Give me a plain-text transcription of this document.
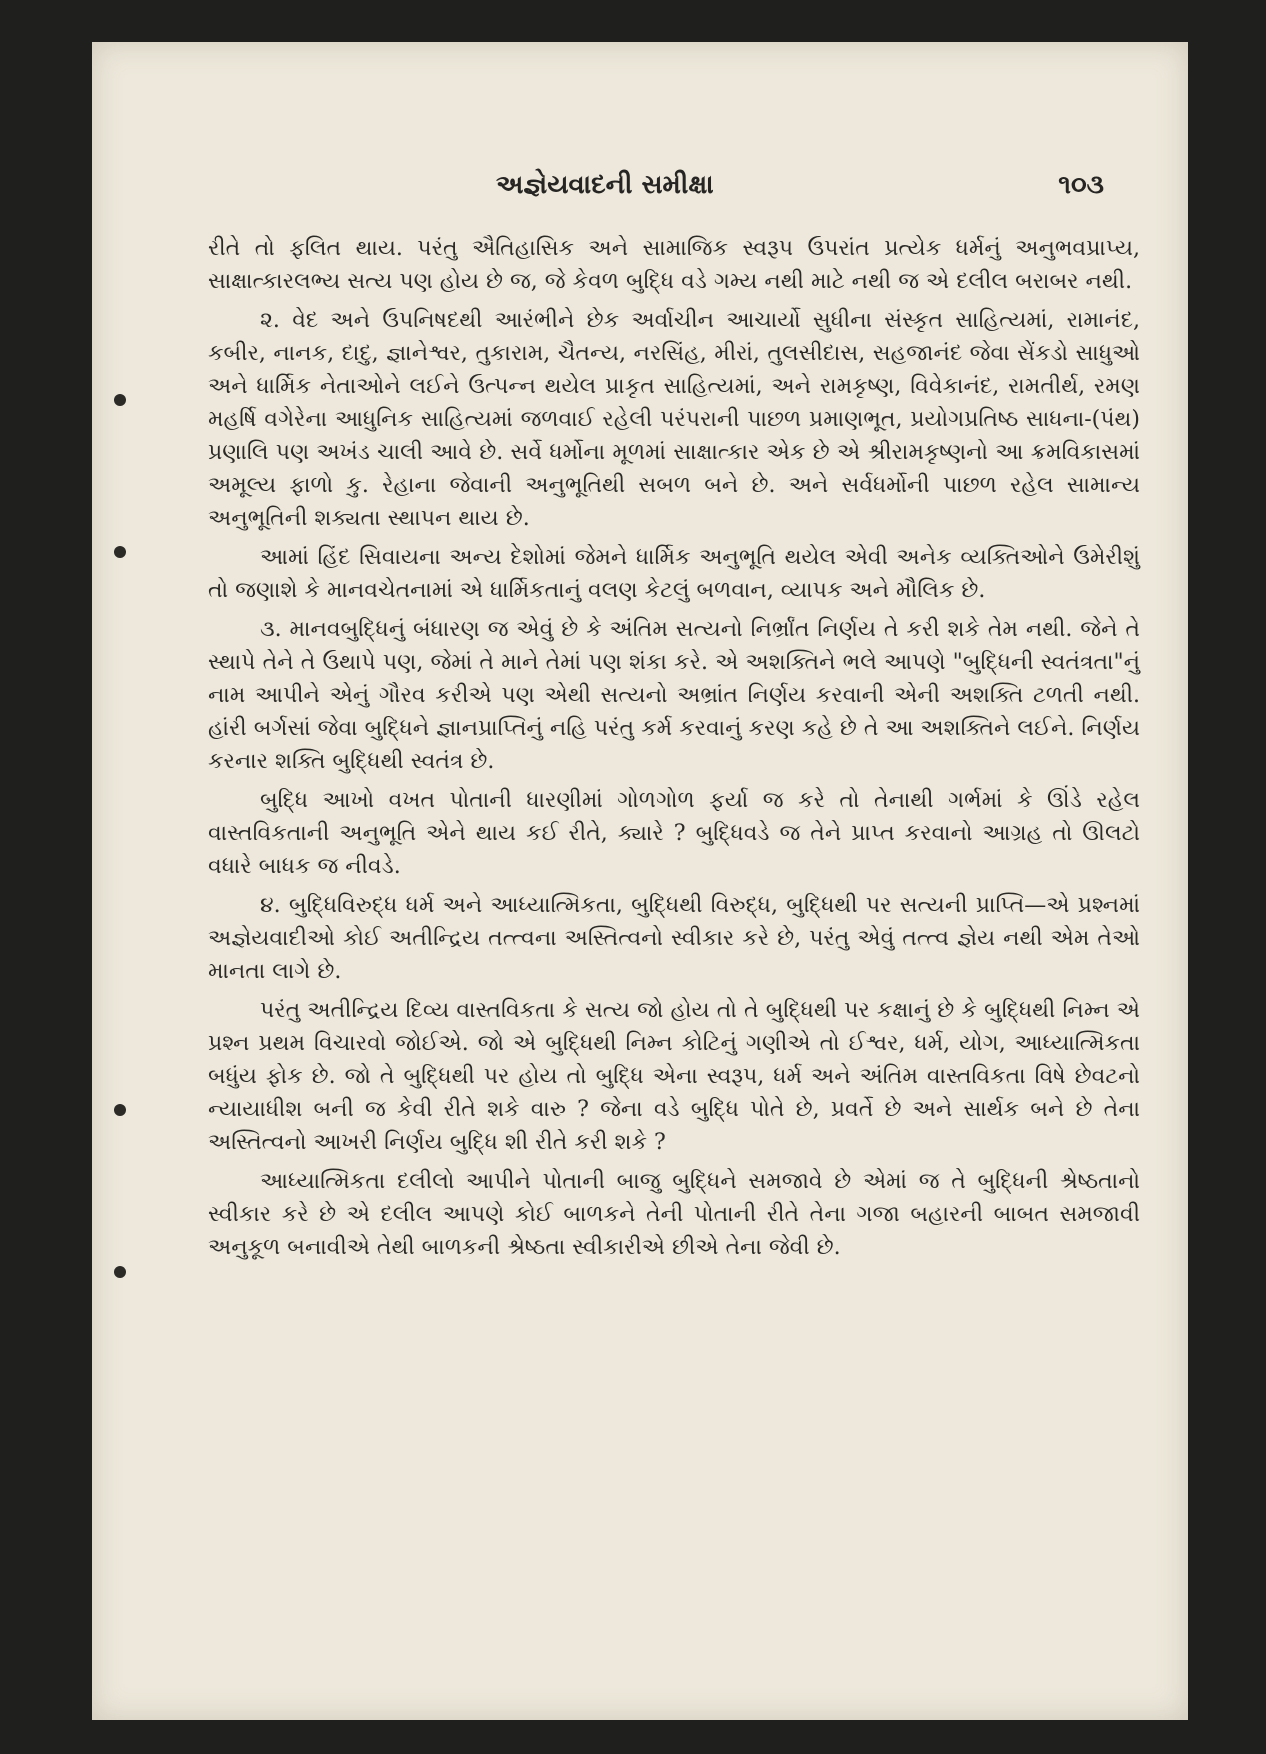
અજ્ઞેયવાદની સમીક્ષા	૧૦૩

રીતે તો ફલિત થાય. પરંતુ ઐતિહાસિક અને સામાજિક સ્વરૂપ ઉપરાંત પ્રત્યેક ધર્મનું અનુભવપ્રાપ્ય, સાક્ષાત્કારલભ્ય સત્ય પણ હોય છે જ, જે કેવળ બુદ્ધિ વડે ગમ્ય નથી માટે નથી જ એ દલીલ બરાબર નથી.

૨. વેદ અને ઉપનિષદથી આરંભીને છેક અર્વાચીન આચાર્યો સુધીના સંસ્કૃત સાહિત્યમાં, રામાનંદ, કબીર, નાનક, દાદુ, જ્ઞાનેશ્વર, તુકારામ, ચૈતન્ય, નરસિંહ, મીરાં, તુલસીદાસ, સહજાનંદ જેવા સેંકડો સાધુઓ અને ધાર્મિક નેતાઓને લઈને ઉત્પન્ન થયેલ પ્રાકૃત સાહિત્યમાં, અને રામકૃષ્ણ, વિવેકાનંદ, રામતીર્થ, રમણ મહર્ષિ વગેરેના આધુનિક સાહિત્યમાં જળવાઈ રહેલી પરંપરાની પાછળ પ્રમાણભૂત, પ્રયોગપ્રતિષ્ઠ સાધના-(પંથ) પ્રણાલિ પણ અખંડ ચાલી આવે છે. સર્વે ધર્મોના મૂળમાં સાક્ષાત્કાર એક છે એ શ્રીરામકૃષ્ણનો આ ક્રમવિકાસમાં અમૂલ્ય ફાળો કુ. રેહાના જેવાની અનુભૂતિથી સબળ બને છે. અને સર્વધર્મોની પાછળ રહેલ સામાન્ય અનુભૂતિની શક્યતા સ્થાપન થાય છે.

આમાં હિંદ સિવાયના અન્ય દેશોમાં જેમને ધાર્મિક અનુભૂતિ થયેલ એવી અનેક વ્યક્તિઓને ઉમેરીશું તો જણાશે કે માનવચેતનામાં એ ધાર્મિકતાનું વલણ કેટલું બળવાન, વ્યાપક અને મૌલિક છે.

૩. માનવબુદ્ધિનું બંધારણ જ એવું છે કે અંતિમ સત્યનો નિર્ભ્રાંત નિર્ણય તે કરી શકે તેમ નથી. જેને તે સ્થાપે તેને તે ઉથાપે પણ, જેમાં તે માને તેમાં પણ શંકા કરે. એ અશક્તિને ભલે આપણે "બુદ્ધિની સ્વતંત્રતા"નું નામ આપીને એનું ગૌરવ કરીએ પણ એથી સત્યનો અભ્રાંત નિર્ણય કરવાની એની અશક્તિ ટળતી નથી. હાંરી બર્ગસાં જેવા બુદ્ધિને જ્ઞાનપ્રાપ્તિનું નહિ પરંતુ કર્મ કરવાનું કરણ કહે છે તે આ અશક્તિને લઈને. નિર્ણય કરનાર શક્તિ બુદ્ધિથી સ્વતંત્ર છે.

બુદ્ધિ આખો વખત પોતાની ધારણીમાં ગોળગોળ ફર્યા જ કરે તો તેનાથી ગર્ભમાં કે ઊંડે રહેલ વાસ્તવિકતાની અનુભૂતિ એને થાય કઈ રીતે, ક્યારે ? બુદ્ધિવડે જ તેને પ્રાપ્ત કરવાનો આગ્રહ તો ઊલટો વધારે બાધક જ નીવડે.

૪. બુદ્ધિવિરુદ્ધ ધર્મ અને આધ્યાત્મિકતા, બુદ્ધિથી વિરુદ્ધ, બુદ્ધિથી પર સત્યની પ્રાપ્તિ—એ પ્રશ્નમાં અજ્ઞેયવાદીઓ કોઈ અતીન્દ્રિય તત્ત્વના અસ્તિત્વનો સ્વીકાર કરે છે, પરંતુ એવું તત્ત્વ જ્ઞેય નથી એમ તેઓ માનતા લાગે છે.

પરંતુ અતીન્દ્રિય દિવ્ય વાસ્તવિકતા કે સત્ય જો હોય તો તે બુદ્ધિથી પર કક્ષાનું છે કે બુદ્ધિથી નિમ્ન એ પ્રશ્ન પ્રથમ વિચારવો જોઈએ. જો એ બુદ્ધિથી નિમ્ન કોટિનું ગણીએ તો ઈશ્વર, ધર્મ, યોગ, આધ્યાત્મિકતા બધુંય ફોક છે. જો તે બુદ્ધિથી પર હોય તો બુદ્ધિ એના સ્વરૂપ, ધર્મ અને અંતિમ વાસ્તવિકતા વિષે છેવટનો ન્યાયાધીશ બની જ કેવી રીતે શકે વારુ ? જેના વડે બુદ્ધિ પોતે છે, પ્રવર્તે છે અને સાર્થક બને છે તેના અસ્તિત્વનો આખરી નિર્ણય બુદ્ધિ શી રીતે કરી શકે ?

આધ્યાત્મિકતા દલીલો આપીને પોતાની બાજુ બુદ્ધિને સમજાવે છે એમાં જ તે બુદ્ધિની શ્રેષ્ઠતાનો સ્વીકાર કરે છે એ દલીલ આપણે કોઈ બાળકને તેની પોતાની રીતે તેના ગજા બહારની બાબત સમજાવી અનુકૂળ બનાવીએ તેથી બાળકની શ્રેષ્ઠતા સ્વીકારીએ છીએ તેના જેવી છે.
